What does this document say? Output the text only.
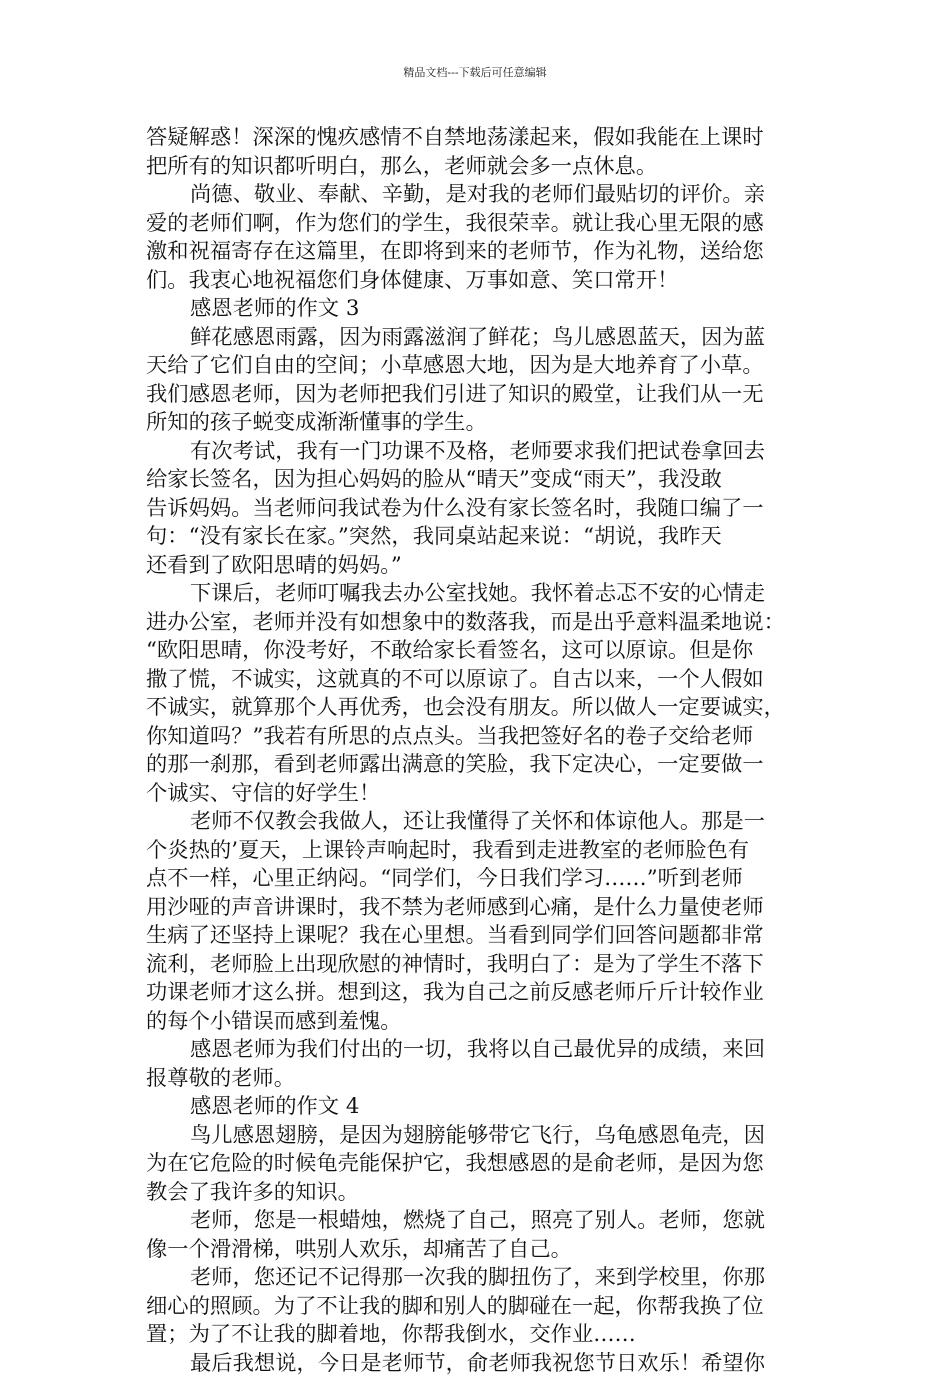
精品文档---下载后可任意编辑
答疑解惑！深深的愧疚感情不自禁地荡漾起来，假如我能在上课时
把所有的知识都听明白，那么，老师就会多一点休息。
尚德、敬业、奉献、辛勤，是对我的老师们最贴切的评价。亲
爱的老师们啊，作为您们的学生，我很荣幸。就让我心里无限的感
激和祝福寄存在这篇里，在即将到来的老师节，作为礼物，送给您
们。我衷心地祝福您们身体健康、万事如意、笑口常开！
感恩老师的作文 3
鲜花感恩雨露，因为雨露滋润了鲜花；鸟儿感恩蓝天，因为蓝
天给了它们自由的空间；小草感恩大地，因为是大地养育了小草。
我们感恩老师，因为老师把我们引进了知识的殿堂，让我们从一无
所知的孩子蜕变成渐渐懂事的学生。
有次考试，我有一门功课不及格，老师要求我们把试卷拿回去
给家长签名，因为担心妈妈的脸从“晴天”变成“雨天”，我没敢
告诉妈妈。当老师问我试卷为什么没有家长签名时，我随口编了一
句：“没有家长在家。”突然，我同桌站起来说：“胡说，我昨天
还看到了欧阳思晴的妈妈。”
下课后，老师叮嘱我去办公室找她。我怀着忐忑不安的心情走
进办公室，老师并没有如想象中的数落我，而是出乎意料温柔地说：
“欧阳思晴，你没考好，不敢给家长看签名，这可以原谅。但是你
撒了慌，不诚实，这就真的不可以原谅了。自古以来，一个人假如
不诚实，就算那个人再优秀，也会没有朋友。所以做人一定要诚实，
你知道吗？”我若有所思的点点头。当我把签好名的卷子交给老师
的那一刹那，看到老师露出满意的笑脸，我下定决心，一定要做一
个诚实、守信的好学生！
老师不仅教会我做人，还让我懂得了关怀和体谅他人。那是一
个炎热的’夏天，上课铃声响起时，我看到走进教室的老师脸色有
点不一样，心里正纳闷。“同学们，今日我们学习……”听到老师
用沙哑的声音讲课时，我不禁为老师感到心痛，是什么力量使老师
生病了还坚持上课呢？我在心里想。当看到同学们回答问题都非常
流利，老师脸上出现欣慰的神情时，我明白了：是为了学生不落下
功课老师才这么拼。想到这，我为自己之前反感老师斤斤计较作业
的每个小错误而感到羞愧。
感恩老师为我们付出的一切，我将以自己最优异的成绩，来回
报尊敬的老师。
感恩老师的作文 4
鸟儿感恩翅膀，是因为翅膀能够带它飞行，乌龟感恩龟壳，因
为在它危险的时候龟壳能保护它，我想感恩的是俞老师，是因为您
教会了我许多的知识。
老师，您是一根蜡烛，燃烧了自己，照亮了别人。老师，您就
像一个滑滑梯，哄别人欢乐，却痛苦了自己。
老师，您还记不记得那一次我的脚扭伤了，来到学校里，你那
细心的照顾。为了不让我的脚和别人的脚碰在一起，你帮我换了位
置；为了不让我的脚着地，你帮我倒水，交作业……
最后我想说，今日是老师节，俞老师我祝您节日欢乐！希望你
